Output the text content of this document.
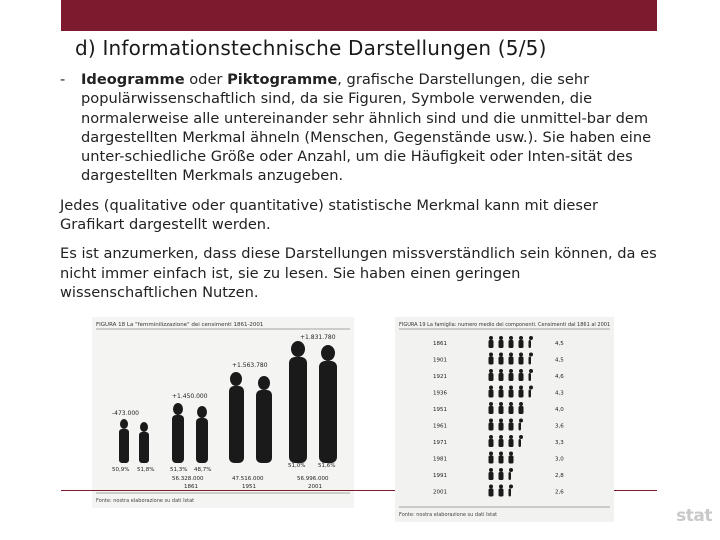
d) Informationstechnische Darstellungen (5/5)
- Ideogramme oder Piktogramme, grafische Darstellungen, die sehr populärwissenschaftlich sind, da sie Figuren, Symbole verwenden, die normalerweise alle untereinander sehr ähnlich sind und die unmittel-bar dem dargestellten Merkmal ähneln (Menschen, Gegenstände usw.). Sie haben eine unter-schiedliche Größe oder Anzahl, um die Häufigkeit oder Inten-sität des dargestellten Merkmals anzugeben.
Jedes (qualitative oder quantitative) statistische Merkmal kann mit dieser Grafikart dargestellt werden.
Es ist anzumerken, dass diese Darstellungen missverständlich sein können, da es nicht immer einfach ist, sie zu lesen. Sie haben einen geringen wissenschaftlichen Nutzen.
FIGURA 18 La "femminilizzazione" dei censimenti 1861-2001
+1.831.780
+1.563.780
+1.450.000
-473.000
50,9% 51,8%	51,3% 48,7%
51,0% 51,6%
56.328.000
1861
47.516.000
1951
56.996.000
2001
Fonte: nostra elaborazione su dati Istat
FIGURA 19 La famiglia: numero medio dei componenti. Censimenti dal 1861 al 2001
1861	4,5
1901	4,5
1921	4,6
1936	4,3
1951	4,0
1961	3,6
1971	3,3
1981	3,0
1991	2,8
2001	2,6
Fonte: nostra elaborazione su dati Istat	stat
